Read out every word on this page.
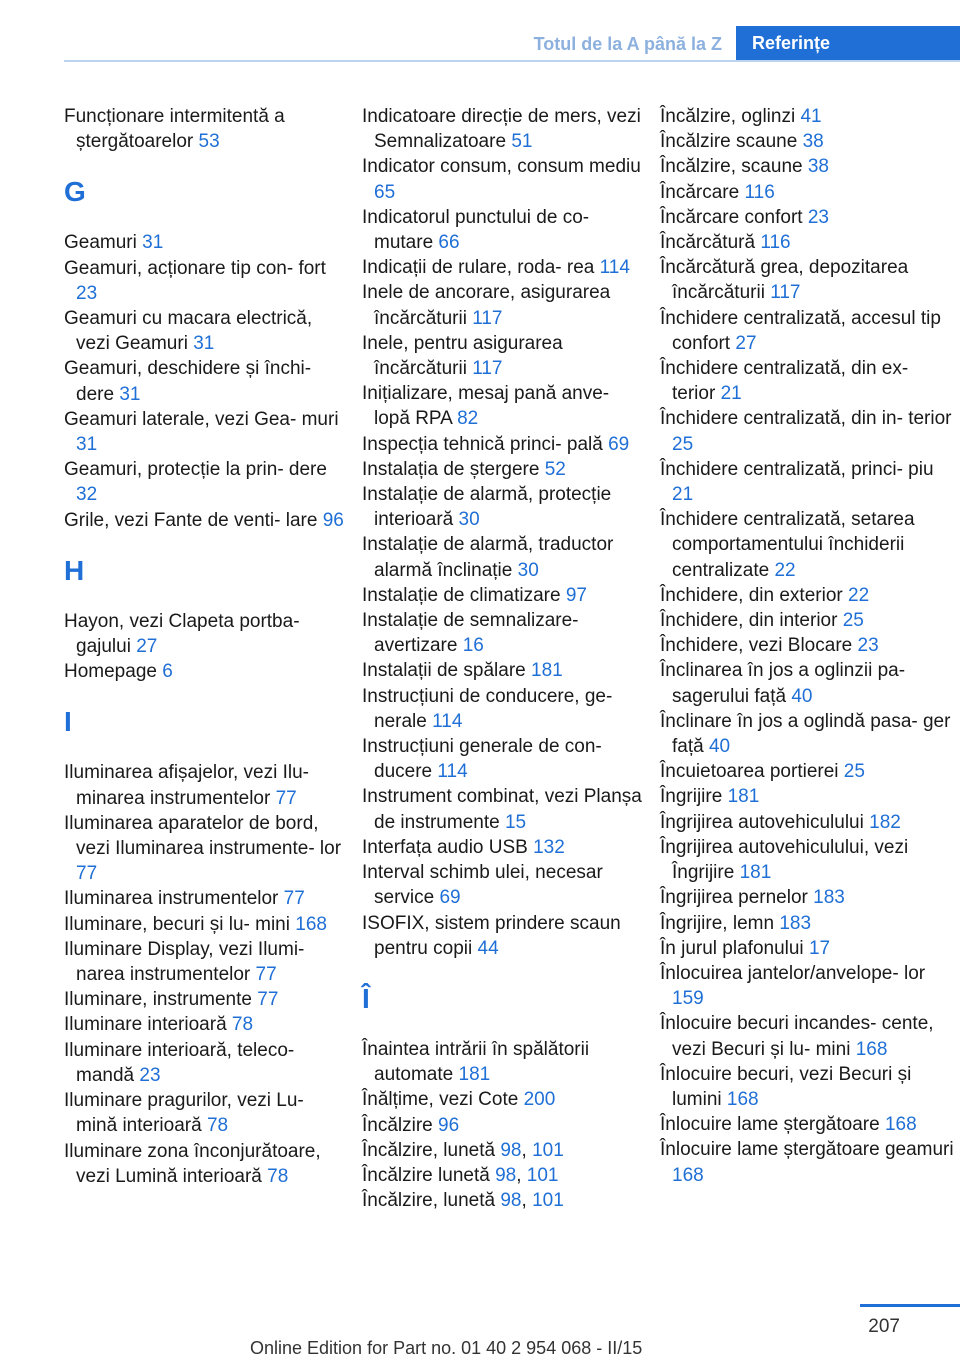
Totul de la A până la Z	Referințe
Funcționare intermitentă a ștergătoarelor 53
G
Geamuri 31
Geamuri, acționare tip con‐ fort 23
Geamuri cu macara electrică, vezi Geamuri 31
Geamuri, deschidere și închi‐ dere 31
Geamuri laterale, vezi Gea‐ muri 31
Geamuri, protecție la prin‐ dere 32
Grile, vezi Fante de venti‐ lare 96
H
Hayon, vezi Clapeta portba‐ gajului 27
Homepage 6
I
Iluminarea afișajelor, vezi Ilu‐ minarea instrumentelor 77
Iluminarea aparatelor de bord, vezi Iluminarea instrumente‐ lor 77
Iluminarea instrumentelor 77
Iluminare, becuri și lu‐ mini 168
Iluminare Display, vezi Ilumi‐ narea instrumentelor 77
Iluminare, instrumente 77
Iluminare interioară 78
Iluminare interioară, teleco‐ mandă 23
Iluminare pragurilor, vezi Lu‐ mină interioară 78
Iluminare zona înconjurătoare, vezi Lumină interioară 78
Indicatoare direcție de mers, vezi Semnalizatoare 51
Indicator consum, consum mediu 65
Indicatorul punctului de co‐ mutare 66
Indicații de rulare, roda‐ rea 114
Inele de ancorare, asigurarea încărcăturii 117
Inele, pentru asigurarea încărcăturii 117
Inițializare, mesaj pană anve‐ lopă RPA 82
Inspecția tehnică princi‐ pală 69
Instalația de ștergere 52
Instalație de alarmă, protecție interioară 30
Instalație de alarmă, traductor alarmă înclinație 30
Instalație de climatizare 97
Instalație de semnalizare- avertizare 16
Instalații de spălare 181
Instrucțiuni de conducere, ge‐ nerale 114
Instrucțiuni generale de con‐ ducere 114
Instrument combinat, vezi Planșa de instrumente 15
Interfața audio USB 132
Interval schimb ulei, necesar service 69
ISOFIX, sistem prindere scaun pentru copii 44
Î
Înaintea intrării în spălătorii automate 181
Înălțime, vezi Cote 200
Încălzire 96
Încălzire, lunetă 98, 101
Încălzire lunetă 98, 101
Încălzire, lunetă 98, 101
Încălzire, oglinzi 41
Încălzire scaune 38
Încălzire, scaune 38
Încărcare 116
Încărcare confort 23
Încărcătură 116
Încărcătură grea, depozitarea încărcăturii 117
Închidere centralizată, accesul tip confort 27
Închidere centralizată, din ex‐ terior 21
Închidere centralizată, din in‐ terior 25
Închidere centralizată, princi‐ piu 21
Închidere centralizată, setarea comportamentului închiderii centralizate 22
Închidere, din exterior 22
Închidere, din interior 25
Închidere, vezi Blocare 23
Înclinarea în jos a oglinzii pa‐ sagerului față 40
Înclinare în jos a oglindă pasa‐ ger față 40
Încuietoarea portierei 25
Îngrijire 181
Îngrijirea autovehiculului 182
Îngrijirea autovehiculului, vezi Îngrijire 181
Îngrijirea pernelor 183
Îngrijire, lemn 183
În jurul plafonului 17
Înlocuirea jantelor/anvelope‐ lor 159
Înlocuire becuri incandes‐ cente, vezi Becuri și lu‐ mini 168
Înlocuire becuri, vezi Becuri și lumini 168
Înlocuire lame ștergătoare 168
Înlocuire lame ștergătoare geamuri 168
207
Online Edition for Part no. 01 40 2 954 068 - II/15
